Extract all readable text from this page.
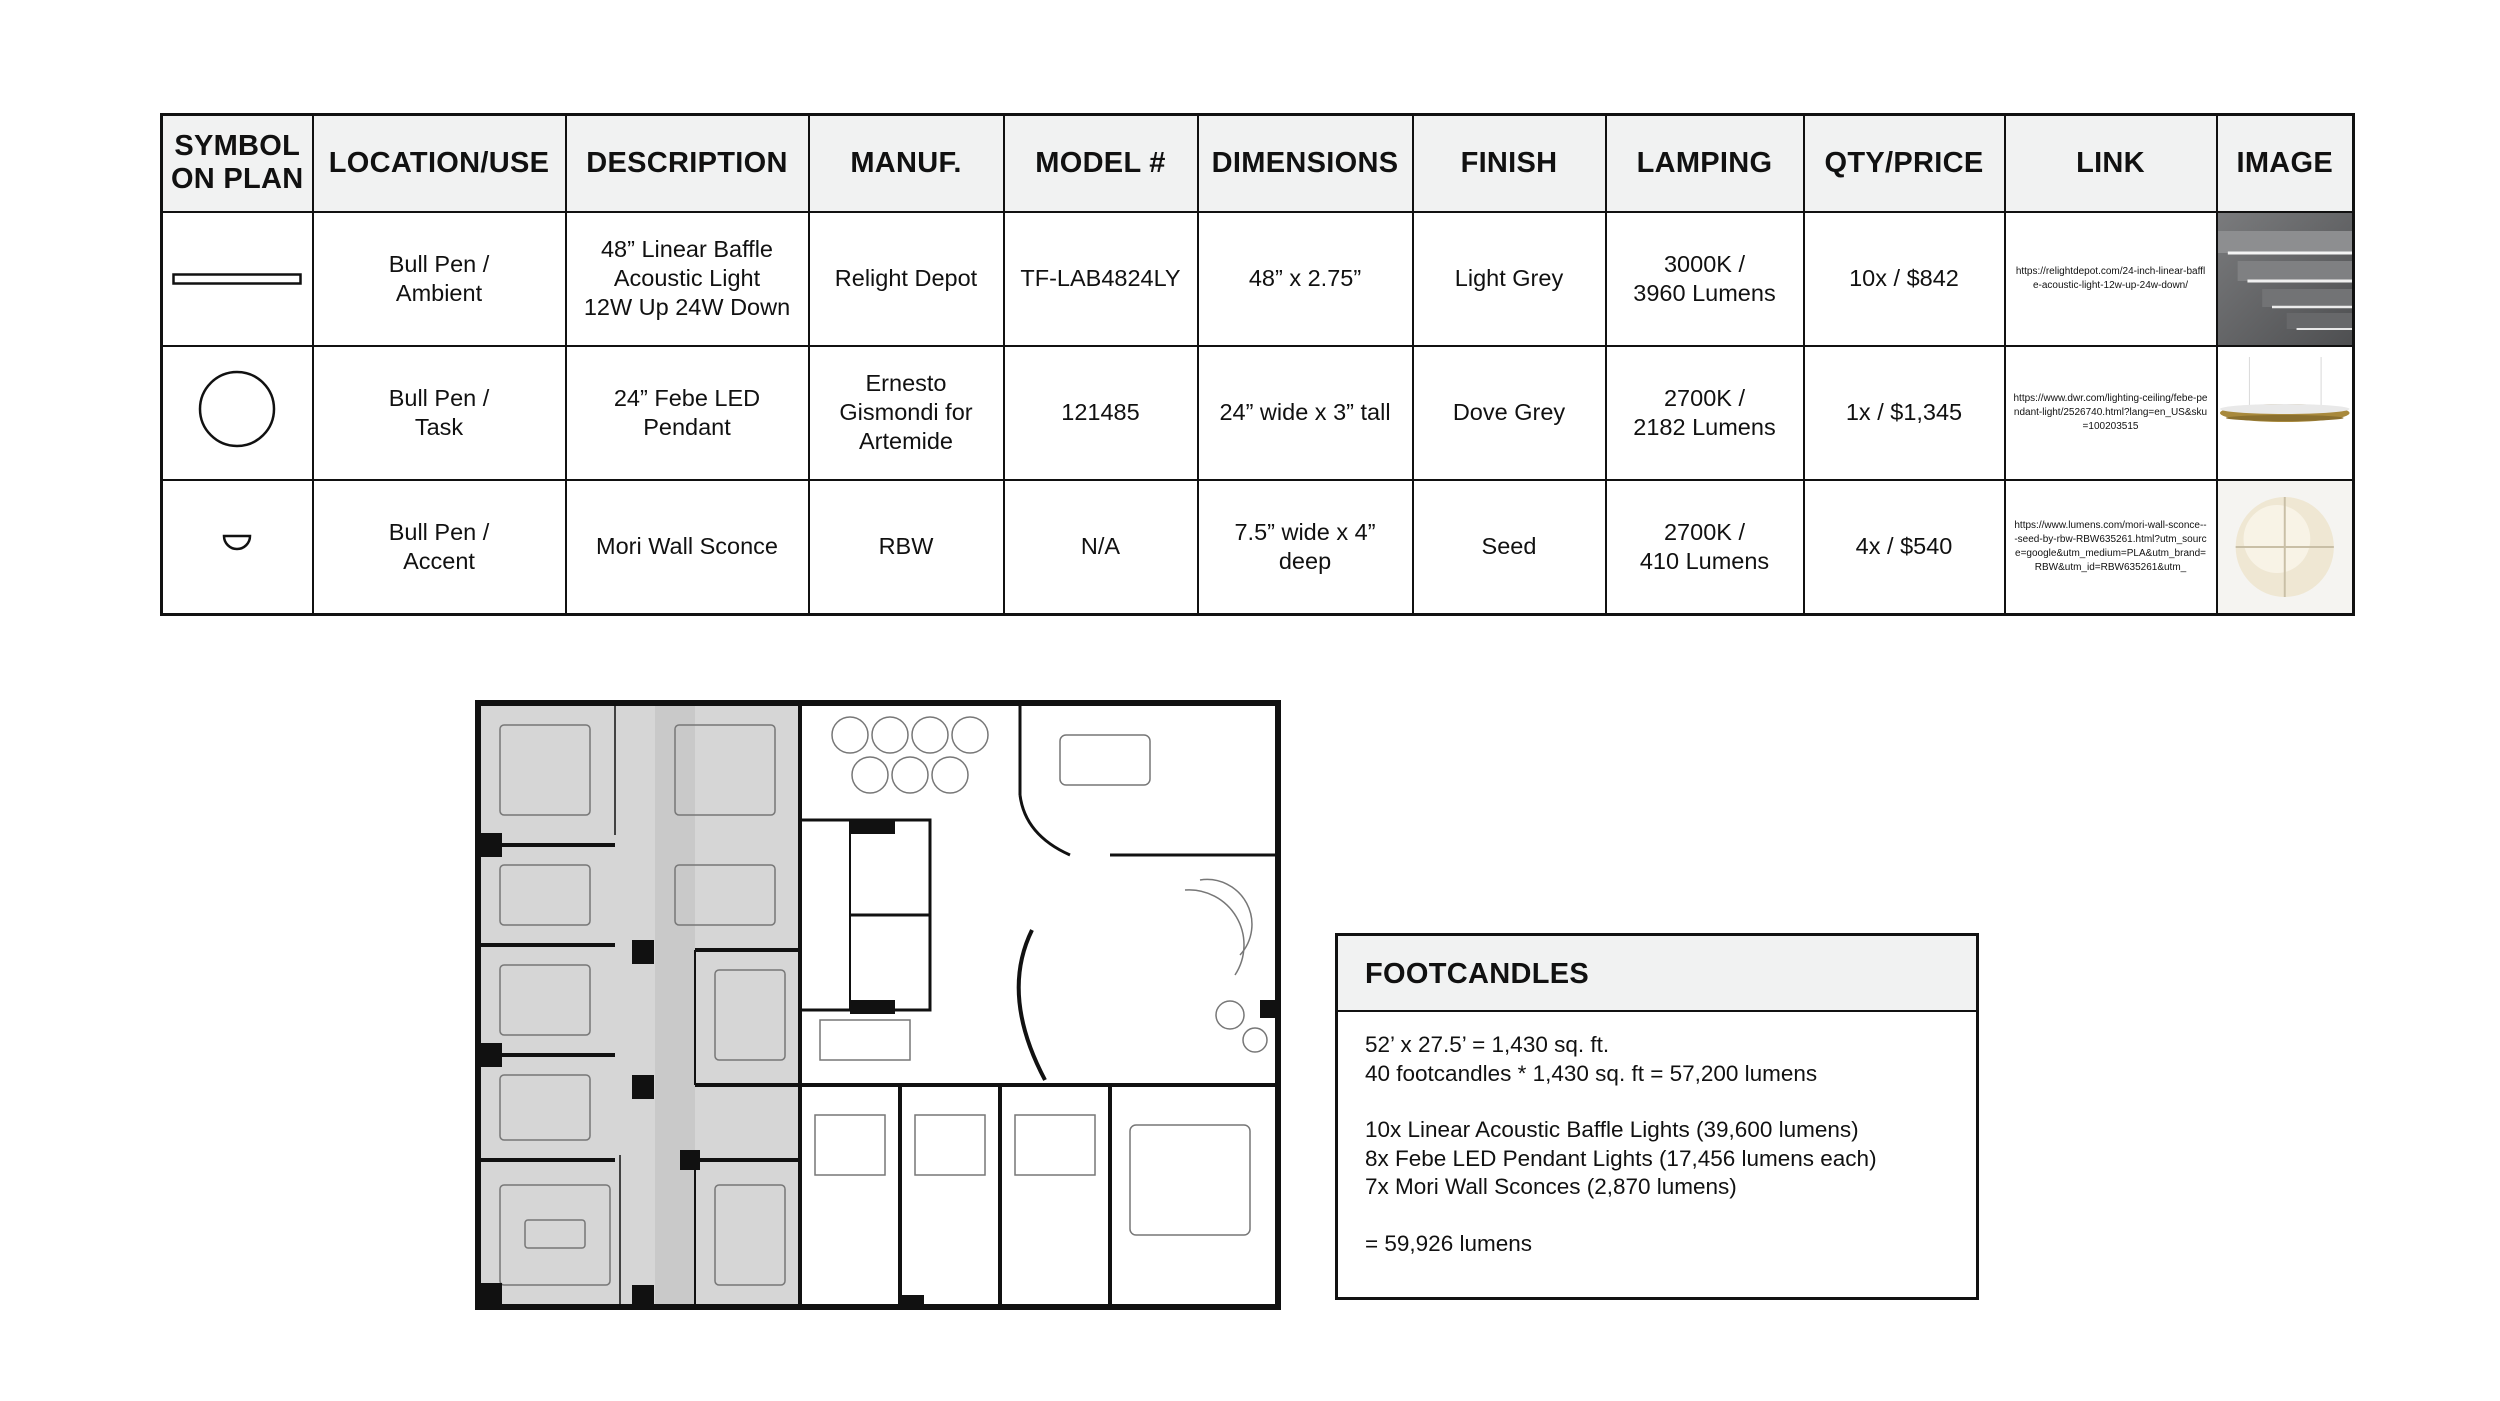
SYMBOL
ON PLAN	LOCATION/USE	DESCRIPTION	MANUF.	MODEL #	DIMENSIONS	FINISH	LAMPING	QTY/PRICE	LINK	IMAGE
	Bull Pen /
Ambient	48” Linear Baffle
Acoustic Light
12W Up 24W Down	Relight Depot	TF-LAB4824LY	48” x 2.75”	Light Grey	3000K /
3960 Lumens	10x / $842	https://relightdepot.com/24-inch-linear-baffle-acoustic-light-12w-up-24w-down/	

	Bull Pen /
Task	24” Febe LED
Pendant	Ernesto
Gismondi for
Artemide	121485	24” wide x 3” tall	Dove Grey	2700K /
2182 Lumens	1x / $1,345	https://www.dwr.com/lighting-ceiling/febe-pendant-light/2526740.html?lang=en_US&sku=100203515	

	Bull Pen /
Accent	Mori Wall Sconce	RBW	N/A	7.5” wide x 4”
deep	Seed	2700K /
410 Lumens	4x / $540	https://www.lumens.com/mori-wall-sconce---seed-by-rbw-RBW635261.html?utm_source=google&utm_medium=PLA&utm_brand=RBW&utm_id=RBW635261&utm_	
FOOTCANDLES
52’ x 27.5’ = 1,430 sq. ft.
40 footcandles * 1,430 sq. ft = 57,200 lumens
10x Linear Acoustic Baffle Lights (39,600 lumens)
8x Febe LED Pendant Lights (17,456 lumens each)
7x Mori Wall Sconces (2,870 lumens)
= 59,926 lumens
